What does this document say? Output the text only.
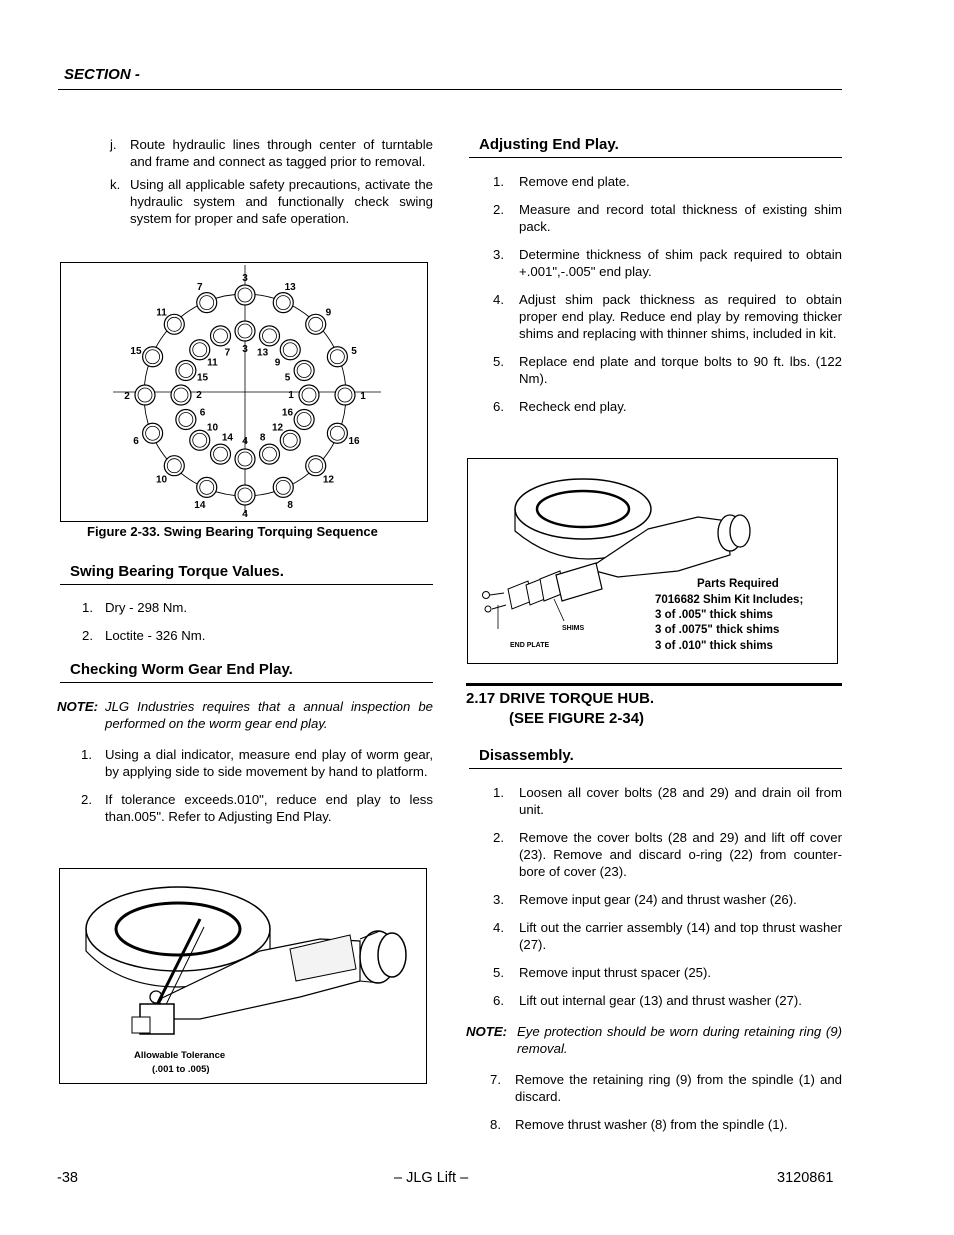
SECTION -
j. Route hydraulic lines through center of turntable and frame and connect as tagged prior to removal.
k. Using all applicable safety precautions, activate the hydraulic system and functionally check swing system for proper and safe operation.
3
13
9
5
1
16
12
8
4
14
10
6
2
15
11
7
3 13
9
5
1
16
12
8
4
14
10
6
2
15
11
7
Figure 2-33. Swing Bearing Torquing Sequence
Swing Bearing Torque Values.
1. Dry - 298 Nm.
2. Loctite - 326 Nm.
Checking Worm Gear End Play.
NOTE: JLG Industries requires that a annual inspection be performed on the worm gear end play.
1. Using a dial indicator, measure end play of worm gear, by applying side to side movement by hand to platform.
2. If tolerance exceeds.010", reduce end play to less than.005". Refer to Adjusting End Play.
Allowable Tolerance
(.001 to .005)
Adjusting End Play.
1. Remove end plate.
2. Measure and record total thickness of existing shim pack.
3. Determine thickness of shim pack required to obtain +.001",-.005" end play.
4. Adjust shim pack thickness as required to obtain proper end play. Reduce end play by removing thicker shims and replacing with thinner shims, included in kit.
5. Replace end plate and torque bolts to 90 ft. lbs. (122 Nm).
6. Recheck end play.
SHIMS
END PLATE
Parts Required
7016682 Shim Kit Includes;
3 of .005" thick shims
3 of .0075" thick shims
3 of .010" thick shims
2.17 DRIVE TORQUE HUB.
(SEE FIGURE 2-34)
Disassembly.
1. Loosen all cover bolts (28 and 29) and drain oil from unit.
2. Remove the cover bolts (28 and 29) and lift off cover (23). Remove and discard o-ring (22) from counter-bore of cover (23).
3. Remove input gear (24) and thrust washer (26).
4. Lift out the carrier assembly (14) and top thrust washer (27).
5. Remove input thrust spacer (25).
6. Lift out internal gear (13) and thrust washer (27).
NOTE: Eye protection should be worn during retaining ring (9) removal.
7. Remove the retaining ring (9) from the spindle (1) and discard.
8. Remove thrust washer (8) from the spindle (1).
-38	– JLG Lift –	3120861
